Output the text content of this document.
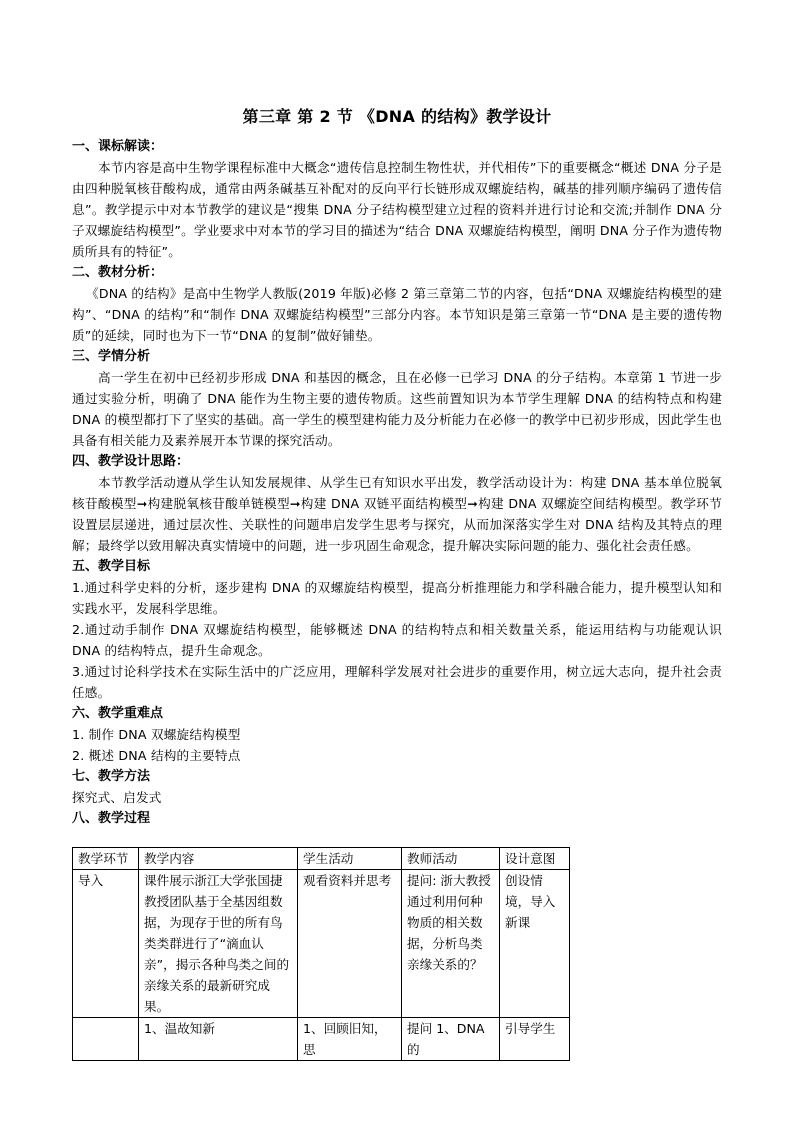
第三章 第 2 节 《DNA 的结构》教学设计

一、课标解读：

本节内容是高中生物学课程标准中大概念“遗传信息控制生物性状，并代相传”下的重要概念“概述 DNA 分子是由四种脱氧核苷酸构成，通常由两条碱基互补配对的反向平行长链形成双螺旋结构，碱基的排列顺序编码了遗传信息”。教学提示中对本节教学的建议是“搜集 DNA 分子结构模型建立过程的资料并进行讨论和交流;并制作 DNA 分子双螺旋结构模型”。学业要求中对本节的学习目的描述为“结合 DNA 双螺旋结构模型，阐明 DNA 分子作为遗传物质所具有的特征”。

二、教材分析：

《DNA 的结构》是高中生物学人教版(2019 年版)必修 2 第三章第二节的内容，包括“DNA 双螺旋结构模型的建构”、“DNA 的结构”和“制作 DNA 双螺旋结构模型”三部分内容。本节知识是第三章第一节“DNA 是主要的遗传物质”的延续，同时也为下一节“DNA 的复制”做好铺垫。

三、学情分析

高一学生在初中已经初步形成 DNA 和基因的概念，且在必修一已学习 DNA 的分子结构。本章第 1 节进一步通过实验分析，明确了 DNA 能作为生物主要的遗传物质。这些前置知识为本节学生理解 DNA 的结构特点和构建 DNA 的模型都打下了坚实的基础。高一学生的模型建构能力及分析能力在必修一的教学中已初步形成，因此学生也具备有相关能力及素养展开本节课的探究活动。

四、教学设计思路：

本节教学活动遵从学生认知发展规律、从学生已有知识水平出发，教学活动设计为：构建 DNA 基本单位脱氧核苷酸模型➞构建脱氧核苷酸单链模型➞构建 DNA 双链平面结构模型➞构建 DNA 双螺旋空间结构模型。教学环节设置层层递进，通过层次性、关联性的问题串启发学生思考与探究，从而加深落实学生对 DNA 结构及其特点的理解；最终学以致用解决真实情境中的问题，进一步巩固生命观念，提升解决实际问题的能力、强化社会责任感。

五、教学目标

1.通过科学史料的分析，逐步建构 DNA 的双螺旋结构模型，提高分析推理能力和学科融合能力，提升模型认知和实践水平，发展科学思维。

2.通过动手制作 DNA 双螺旋结构模型，能够概述 DNA 的结构特点和相关数量关系，能运用结构与功能观认识 DNA 的结构特点，提升生命观念。

3.通过讨论科学技术在实际生活中的广泛应用，理解科学发展对社会进步的重要作用，树立远大志向，提升社会责任感。

六、教学重难点

1. 制作 DNA 双螺旋结构模型

2. 概述 DNA 结构的主要特点

七、教学方法

探究式、启发式

八、教学过程

教学环节	教学内容	学生活动	教师活动	设计意图
导入	课件展示浙江大学张国捷教授团队基于全基因组数据，为现存于世的所有鸟类类群进行了“滴血认亲”，揭示各种鸟类之间的亲缘关系的最新研究成果。	观看资料并思考	提问: 浙大教授通过利用何种物质的相关数据，分析鸟类亲缘关系的？	创设情境，导入新课
	1、温故知新	1、回顾旧知，思	提问 1、DNA 的	引导学生
